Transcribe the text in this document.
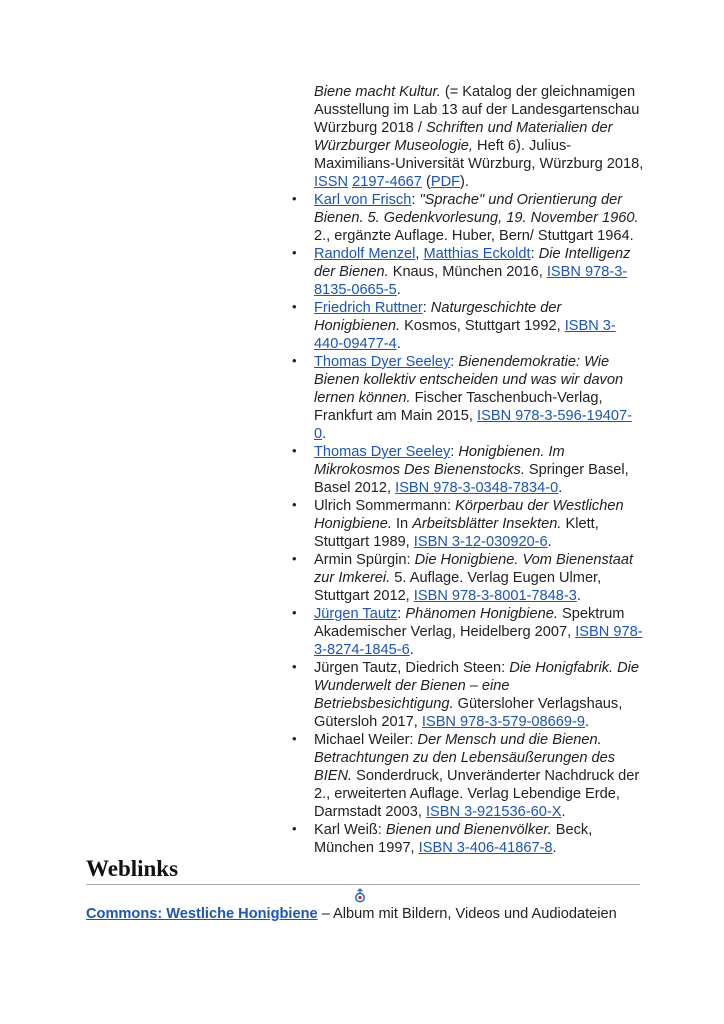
Biene macht Kultur. (= Katalog der gleichnamigen Ausstellung im Lab 13 auf der Landesgartenschau Würzburg 2018 / Schriften und Materialien der Würzburger Museologie, Heft 6). Julius-Maximilians-Universität Würzburg, Würzburg 2018, ISSN 2197-4667 (PDF).

• Karl von Frisch: "Sprache" und Orientierung der Bienen. 5. Gedenkvorlesung, 19. November 1960. 2., ergänzte Auflage. Huber, Bern/ Stuttgart 1964.
• Randolf Menzel, Matthias Eckoldt: Die Intelligenz der Bienen. Knaus, München 2016, ISBN 978-3-8135-0665-5.
• Friedrich Ruttner: Naturgeschichte der Honigbienen. Kosmos, Stuttgart 1992, ISBN 3-440-09477-4.
• Thomas Dyer Seeley: Bienendemokratie: Wie Bienen kollektiv entscheiden und was wir davon lernen können. Fischer Taschenbuch-Verlag, Frankfurt am Main 2015, ISBN 978-3-596-19407-0.
• Thomas Dyer Seeley: Honigbienen. Im Mikrokosmos Des Bienenstocks. Springer Basel, Basel 2012, ISBN 978-3-0348-7834-0.
• Ulrich Sommermann: Körperbau der Westlichen Honigbiene. In Arbeitsblätter Insekten. Klett, Stuttgart 1989, ISBN 3-12-030920-6.
• Armin Spürgin: Die Honigbiene. Vom Bienenstaat zur Imkerei. 5. Auflage. Verlag Eugen Ulmer, Stuttgart 2012, ISBN 978-3-8001-7848-3.
• Jürgen Tautz: Phänomen Honigbiene. Spektrum Akademischer Verlag, Heidelberg 2007, ISBN 978-3-8274-1845-6.
• Jürgen Tautz, Diedrich Steen: Die Honigfabrik. Die Wunderwelt der Bienen – eine Betriebsbesichtigung. Gütersloher Verlagshaus, Gütersloh 2017, ISBN 978-3-579-08669-9.
• Michael Weiler: Der Mensch und die Bienen. Betrachtungen zu den Lebensäußerungen des BIEN. Sonderdruck, Unveränderter Nachdruck der 2., erweiterten Auflage. Verlag Lebendige Erde, Darmstadt 2003, ISBN 3-921536-60-X.
• Karl Weiß: Bienen und Bienenvölker. Beck, München 1997, ISBN 3-406-41867-8.
Weblinks
Commons: Westliche Honigbiene – Album mit Bildern, Videos und Audiodateien
